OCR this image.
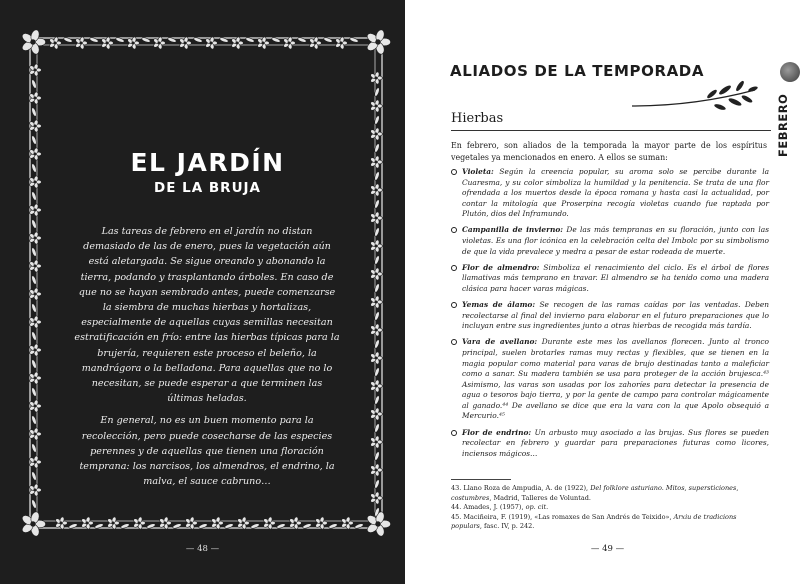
EL JARDÍN
DE LA BRUJA

Las tareas de febrero en el jardín no distan demasiado de las de enero, pues la vegetación aún está aletargada. Se sigue oreando y abonando la tierra, podando y trasplantando árboles. En caso de que no se hayan sembrado antes, puede comenzarse la siembra de muchas hierbas y hortalizas, especialmente de aquellas cuyas semillas necesitan estratificación en frío: entre las hierbas típicas para la brujería, requieren este proceso el beleño, la mandrágora o la belladona. Para aquellas que no lo necesitan, se puede esperar a que terminen las últimas heladas.

En general, no es un buen momento para la recolección, pero puede cosecharse de las especies perennes y de aquellas que tienen una floración temprana: los narcisos, los almendros, el endrino, la malva, el sauce cabruno…

— 48 —
FEBRERO
ALIADOS DE LA TEMPORADA
Hierbas
En febrero, son aliados de la temporada la mayor parte de los espíritus vegetales ya mencionados en enero. A ellos se suman:
Violeta: Según la creencia popular, su aroma solo se percibe durante la Cuaresma, y su color simboliza la humildad y la penitencia. Se trata de una flor ofrendada a los muertos desde la época romana y hasta casi la actualidad, por contar la mitología que Proserpina recogía violetas cuando fue raptada por Plutón, dios del Inframundo.
Campanilla de invierno: De las más tempranas en su floración, junto con las violetas. Es una flor icónica en la celebración celta del Imbolc por su simbolismo de que la vida prevalece y medra a pesar de estar rodeada de muerte.
Flor de almendro: Simboliza el renacimiento del ciclo. Es el árbol de flores llamativas más temprano en travar. El almendro se ha tenido como una madera clásica para hacer varas mágicas.
Yemas de álamo: Se recogen de las ramas caídas por las ventadas. Deben recolectarse al final del invierno para elaborar en el futuro preparaciones que lo incluyan entre sus ingredientes junto a otras hierbas de recogida más tardía.
Vara de avellano: Durante este mes los avellanos florecen. Junto al tronco principal, suelen brotarles ramas muy rectas y flexibles, que se tienen en la magia popular como material para varas de brujo destinadas tanto a maleficiar como a sanar. Su madera también se usa para proteger de la acción brujesca.⁴³ Asimismo, las varas son usadas por los zahoríes para detectar la presencia de agua o tesoros bajo tierra, y por la gente de campo para controlar mágicamente al ganado.⁴⁴ De avellano se dice que era la vara con la que Apolo obsequió a Mercurio.⁴⁵
Flor de endrino: Un arbusto muy asociado a las brujas. Sus flores se pueden recolectar en febrero y guardar para preparaciones futuras como licores, inciensos mágicos…

43. Llano Roza de Ampudia, A. de (1922), Del folklore asturiano. Mitos, supersticiones, costumbres, Madrid, Talleres de Voluntad.

44. Amades, J. (1957), op. cit.

45. Maciñeira, F. (1919), «Las romaxes de San Andrés de Teixido», Arxiu de tradicions populars, fasc. IV, p. 242.

— 49 —
